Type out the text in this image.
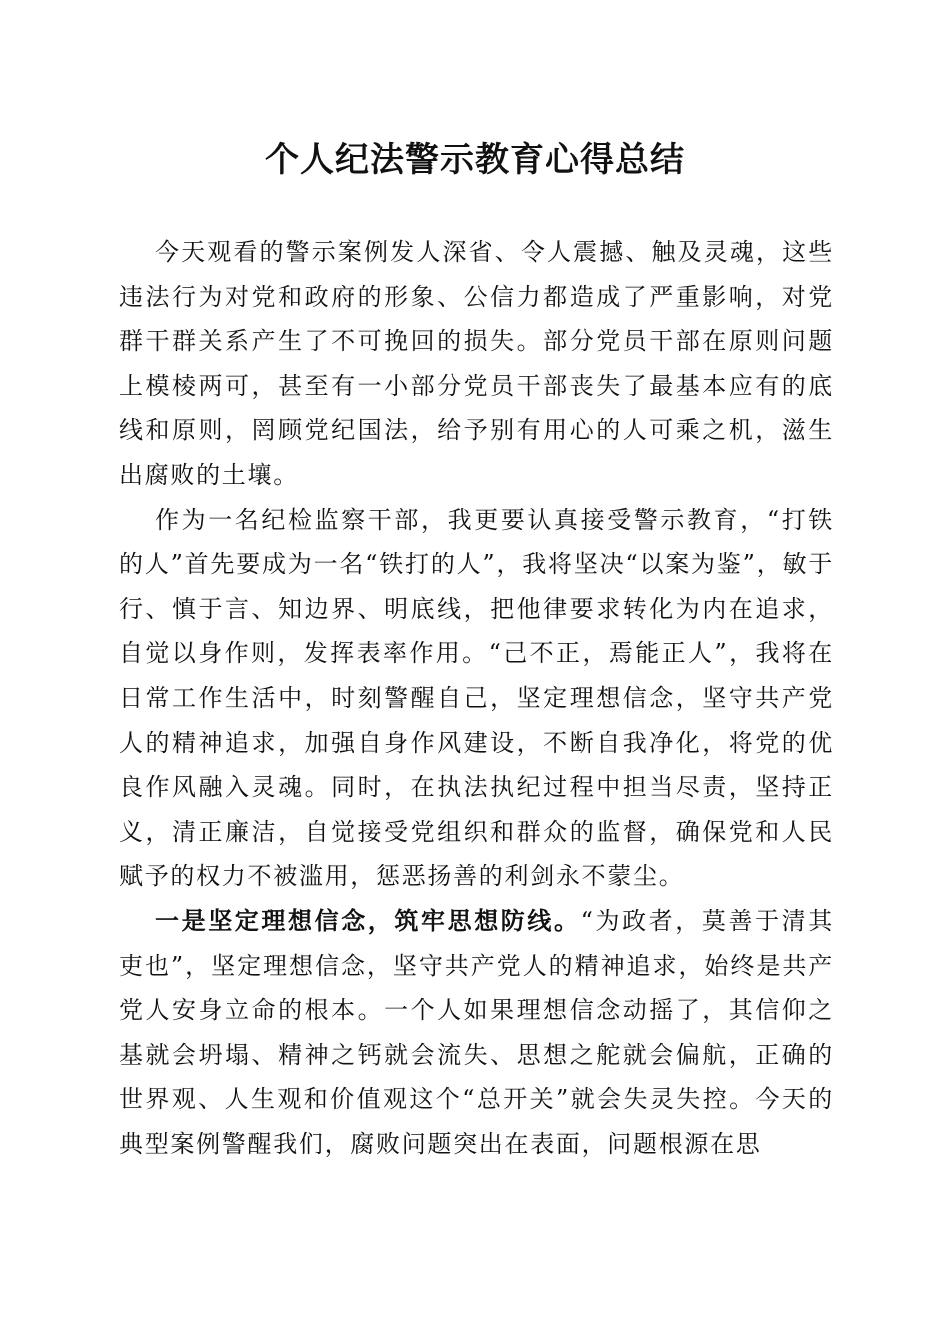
个人纪法警示教育心得总结

今天观看的警示案例发人深省、令人震撼、触及灵魂，这些违法行为对党和政府的形象、公信力都造成了严重影响，对党群干群关系产生了不可挽回的损失。部分党员干部在原则问题上模棱两可，甚至有一小部分党员干部丧失了最基本应有的底线和原则，罔顾党纪国法，给予别有用心的人可乘之机，滋生出腐败的土壤。

作为一名纪检监察干部，我更要认真接受警示教育，“打铁的人”首先要成为一名“铁打的人”，我将坚决“以案为鉴”，敏于行、慎于言、知边界、明底线，把他律要求转化为内在追求，自觉以身作则，发挥表率作用。“己不正，焉能正人”，我将在日常工作生活中，时刻警醒自己，坚定理想信念，坚守共产党人的精神追求，加强自身作风建设，不断自我净化，将党的优良作风融入灵魂。同时，在执法执纪过程中担当尽责，坚持正义，清正廉洁，自觉接受党组织和群众的监督，确保党和人民赋予的权力不被滥用，惩恶扬善的利剑永不蒙尘。

一是坚定理想信念，筑牢思想防线。“为政者，莫善于清其吏也”，坚定理想信念，坚守共产党人的精神追求，始终是共产党人安身立命的根本。一个人如果理想信念动摇了，其信仰之基就会坍塌、精神之钙就会流失、思想之舵就会偏航，正确的世界观、人生观和价值观这个“总开关”就会失灵失控。今天的典型案例警醒我们，腐败问题突出在表面，问题根源在思
